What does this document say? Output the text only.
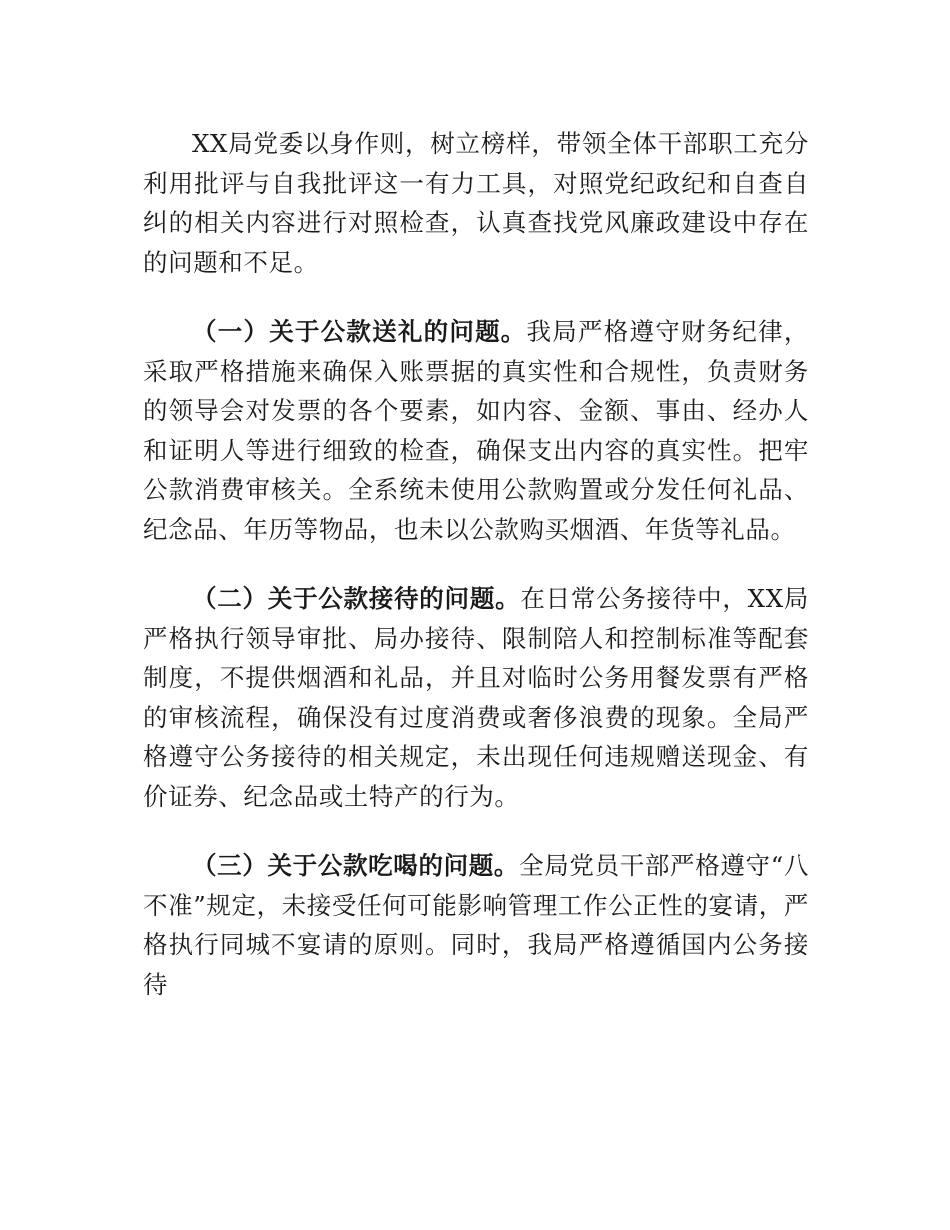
XX局党委以身作则，树立榜样，带领全体干部职工充分利用批评与自我批评这一有力工具，对照党纪政纪和自查自纠的相关内容进行对照检查，认真查找党风廉政建设中存在的问题和不足。

（一）关于公款送礼的问题。我局严格遵守财务纪律，采取严格措施来确保入账票据的真实性和合规性，负责财务的领导会对发票的各个要素，如内容、金额、事由、经办人和证明人等进行细致的检查，确保支出内容的真实性。把牢公款消费审核关。全系统未使用公款购置或分发任何礼品、纪念品、年历等物品，也未以公款购买烟酒、年货等礼品。

（二）关于公款接待的问题。在日常公务接待中，XX局严格执行领导审批、局办接待、限制陪人和控制标准等配套制度，不提供烟酒和礼品，并且对临时公务用餐发票有严格的审核流程，确保没有过度消费或奢侈浪费的现象。全局严格遵守公务接待的相关规定，未出现任何违规赠送现金、有价证券、纪念品或土特产的行为。

（三）关于公款吃喝的问题。全局党员干部严格遵守“八不准”规定，未接受任何可能影响管理工作公正性的宴请，严格执行同城不宴请的原则。同时，我局严格遵循国内公务接待
